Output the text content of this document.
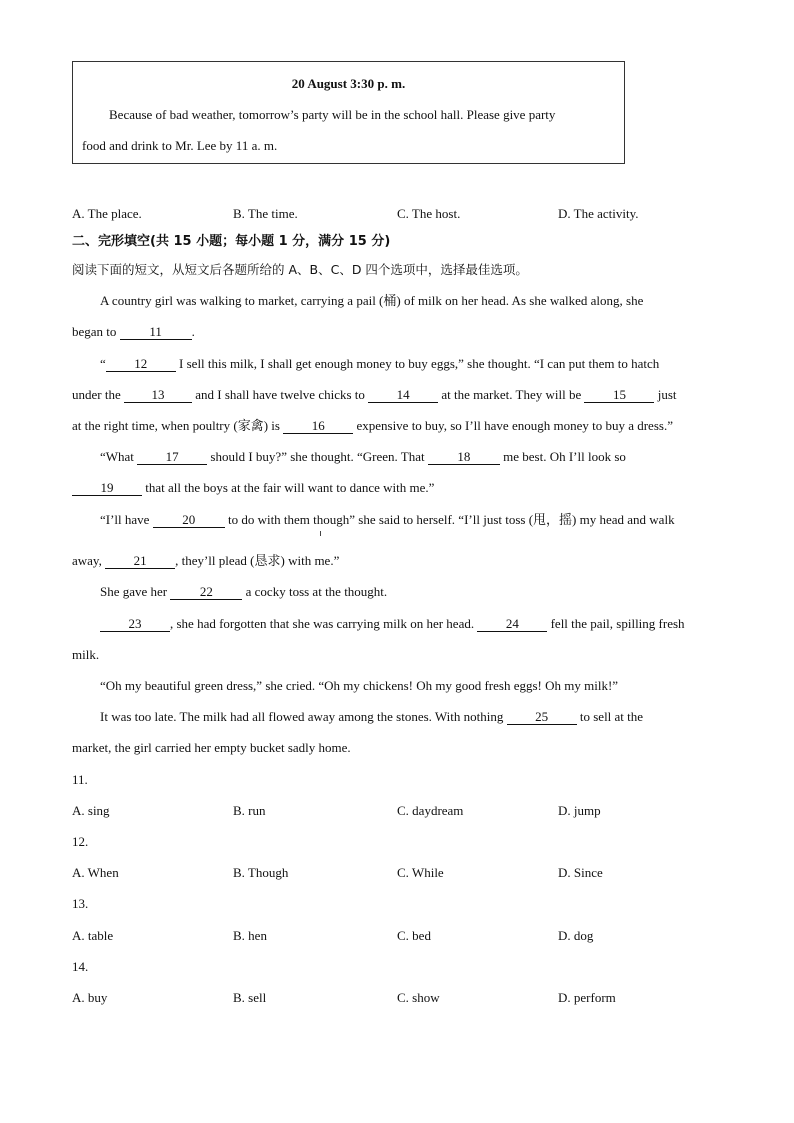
20 August 3:30 p. m.
Because of bad weather, tomorrow’s party will be in the school hall. Please give party
food and drink to Mr. Lee by 11 a. m.
A. The place.	B. The time.	C. The host.	D. The activity.
二、完形填空(共 15 小题；每小题 1 分，满分 15 分)
阅读下面的短文，从短文后各题所给的 A、B、C、D 四个选项中，选择最佳选项。
A country girl was walking to market, carrying a pail (桶) of milk on her head. As she walked along, she
began to 11 .
“ 12 I sell this milk, I shall get enough money to buy eggs,” she thought. “I can put them to hatch
under the 13 and I shall have twelve chicks to 14 at the market. They will be 15 just
at the right time, when poultry (家禽) is 16 expensive to buy, so I’ll have enough money to buy a dress.”
“What 17 should I buy?” she thought. “Green. That 18 me best. Oh I’ll look so
19 that all the boys at the fair will want to dance with me.”
“I’ll have 20 to do with them though” she said to herself. “I’ll just toss (甩，摇) my head and walk
away, 21 , they’ll plead (恳求) with me.”
She gave her 22 a cocky toss at the thought.
23 , she had forgotten that she was carrying milk on her head. 24 fell the pail, spilling fresh
milk.
“Oh my beautiful green dress,” she cried. “Oh my chickens! Oh my good fresh eggs! Oh my milk!”
It was too late. The milk had all flowed away among the stones. With nothing 25 to sell at the
market, the girl carried her empty bucket sadly home.
11.
A. sing	B. run	C. daydream	D. jump
12.
A. When	B. Though	C. While	D. Since
13.
A. table	B. hen	C. bed	D. dog
14.
A. buy	B. sell	C. show	D. perform
